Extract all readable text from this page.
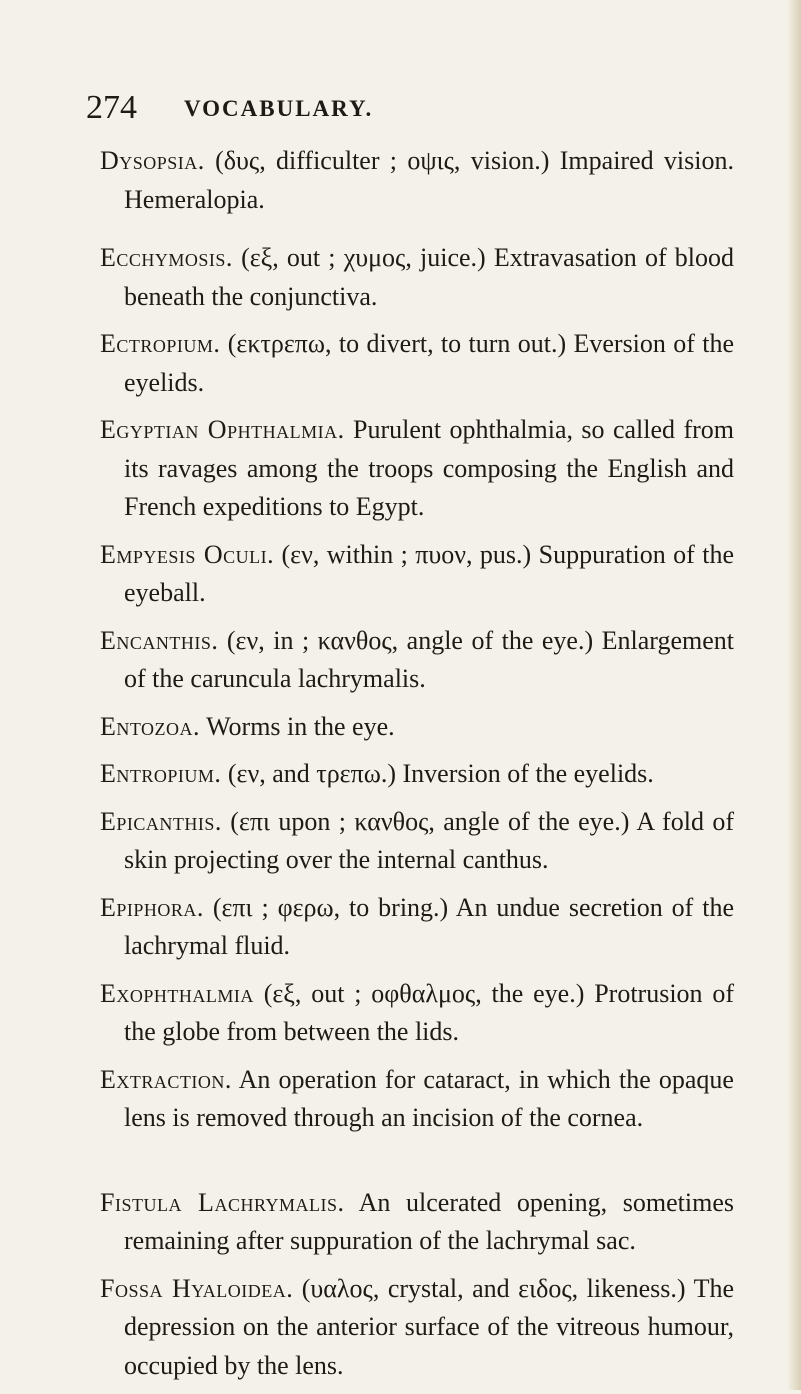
274 VOCABULARY.

Dysopsia. (δυς, difficulter ; οψις, vision.) Impaired vision. Hemeralopia.

Ecchymosis. (εξ, out ; χυμος, juice.) Extravasation of blood beneath the conjunctiva.

Ectropium. (εκτρεπω, to divert, to turn out.) Eversion of the eyelids.

Egyptian Ophthalmia. Purulent ophthalmia, so called from its ravages among the troops composing the English and French expeditions to Egypt.

Empyesis Oculi. (εν, within ; πυον, pus.) Suppuration of the eyeball.

Encanthis. (εν, in ; κανθος, angle of the eye.) Enlargement of the caruncula lachrymalis.

Entozoa. Worms in the eye.

Entropium. (εν, and τρεπω.) Inversion of the eyelids.

Epicanthis. (επι upon ; κανθος, angle of the eye.) A fold of skin projecting over the internal canthus.

Epiphora. (επι ; φερω, to bring.) An undue secretion of the lachrymal fluid.

Exophthalmia (εξ, out ; οφθαλμος, the eye.) Protrusion of the globe from between the lids.

Extraction. An operation for cataract, in which the opaque lens is removed through an incision of the cornea.

Fistula Lachrymalis. An ulcerated opening, sometimes remaining after suppuration of the lachrymal sac.

Fossa Hyaloidea. (υαλος, crystal, and ειδος, likeness.) The depression on the anterior surface of the vitreous humour, occupied by the lens.
